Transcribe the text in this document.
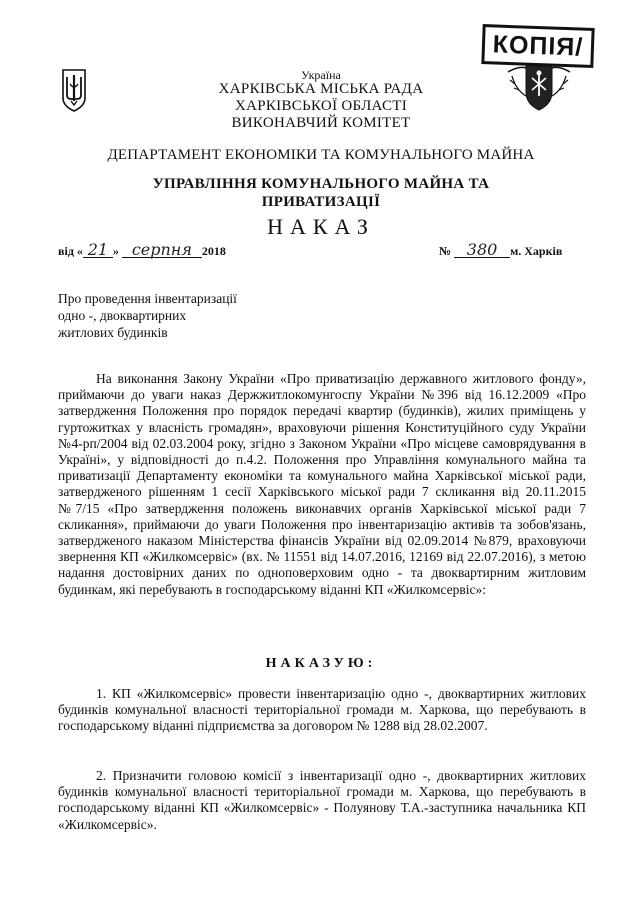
КОПІЯ/
Україна
ХАРКІВСЬКА МІСЬКА РАДА
ХАРКІВСЬКОЇ ОБЛАСТІ
ВИКОНАВЧИЙ КОМІТЕТ
ДЕПАРТАМЕНТ ЕКОНОМІКИ ТА КОМУНАЛЬНОГО МАЙНА
УПРАВЛІННЯ КОМУНАЛЬНОГО МАЙНА ТА
ПРИВАТИЗАЦІЇ
НАКАЗ
від « 21 » серпня 2018	№ 380 м. Харків
Про проведення інвентаризації
одно -, двоквартирних
житлових будинків
На виконання Закону України «Про приватизацію державного житлового фонду», приймаючи до уваги наказ Держжитлокомунгоспу України №396 від 16.12.2009 «Про затвердження Положення про порядок передачі квартир (будинків), жилих приміщень у гуртожитках у власність громадян», враховуючи рішення Конституційного суду України №4-рп/2004 від 02.03.2004 року, згідно з Законом України «Про місцеве самоврядування в Україні», у відповідності до п.4.2. Положення про Управління комунального майна та приватизації Департаменту економіки та комунального майна Харківської міської ради, затвердженого рішенням 1 сесії Харківського міської ради 7 скликання від 20.11.2015 №7/15 «Про затвердження положень виконавчих органів Харківської міської ради 7 скликання», приймаючи до уваги Положення про інвентаризацію активів та зобов'язань, затвердженого наказом Міністерства фінансів України від 02.09.2014 №879, враховуючи звернення КП «Жилкомсервіс» (вх. № 11551 від 14.07.2016, 12169 від 22.07.2016), з метою надання достовірних даних по одноповерховим одно - та двоквартирним житловим будинкам, які перебувають в господарському віданні КП «Жилкомсервіс»:
НАКАЗУЮ:
1. КП «Жилкомсервіс» провести інвентаризацію одно -, двоквартирних житлових будинків комунальної власності територіальної громади м. Харкова, що перебувають в господарському віданні підприємства за договором № 1288 від 28.02.2007.
2. Призначити головою комісії з інвентаризації одно -, двоквартирних житлових будинків комунальної власності територіальної громади м. Харкова, що перебувають в господарському віданні КП «Жилкомсервіс» - Полуянову Т.А.-заступника начальника КП «Жилкомсервіс».
